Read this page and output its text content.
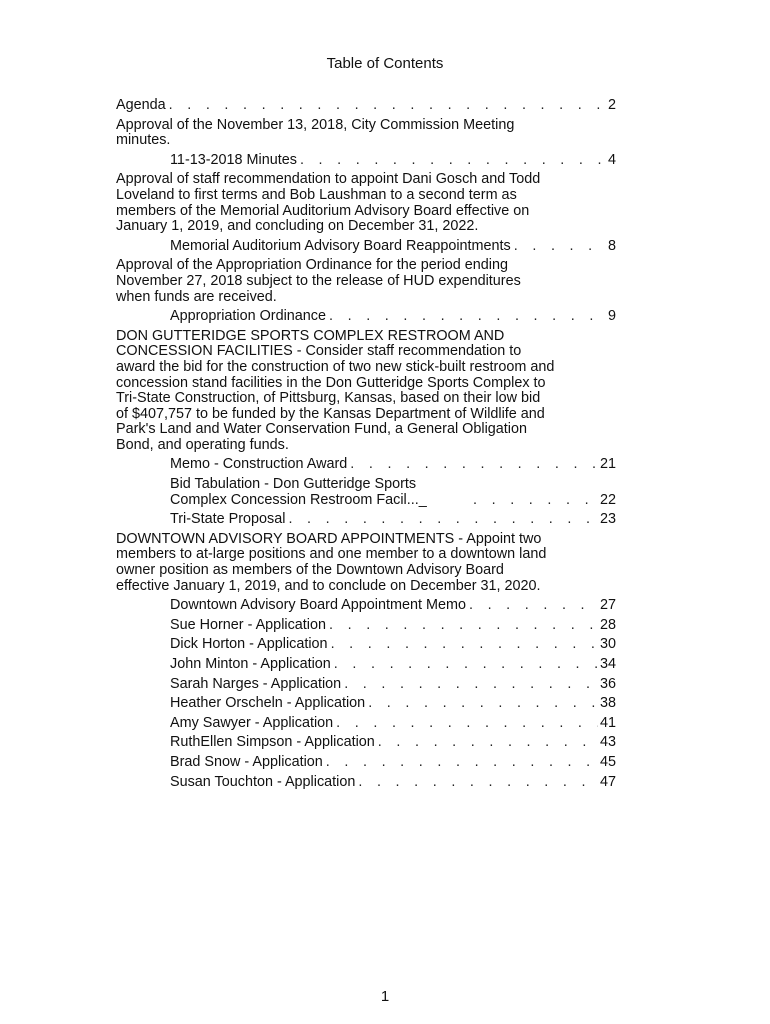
Table of Contents
Agenda . . .	2
Approval of the November 13, 2018, City Commission Meeting minutes.
11-13-2018 Minutes . . .	4
Approval of staff recommendation to appoint Dani Gosch and Todd Loveland to first terms and Bob Laushman to a second term as members of the Memorial Auditorium Advisory Board effective on January 1, 2019, and concluding on December 31, 2022.
Memorial Auditorium Advisory Board Reappointments . . .	8
Approval of the Appropriation Ordinance for the period ending November 27, 2018 subject to the release of HUD expenditures when funds are received.
Appropriation Ordinance . . .	9
DON GUTTERIDGE SPORTS COMPLEX RESTROOM AND CONCESSION FACILITIES - Consider staff recommendation to award the bid for the construction of two new stick-built restroom and concession stand facilities in the Don Gutteridge Sports Complex to Tri-State Construction, of Pittsburg, Kansas, based on their low bid of $407,757 to be funded by the Kansas Department of Wildlife and Park's Land and Water Conservation Fund, a General Obligation Bond, and operating funds.
Memo - Construction Award . . .	21
Bid Tabulation - Don Gutteridge Sports Complex Concession Restroom Facil..._ . . .	22
Tri-State Proposal . . .	23
DOWNTOWN ADVISORY BOARD APPOINTMENTS - Appoint two members to at-large positions and one member to a downtown land owner position as members of the Downtown Advisory Board effective January 1, 2019, and to conclude on December 31, 2020.
Downtown Advisory Board Appointment Memo . . .	27
Sue Horner - Application . . .	28
Dick Horton - Application . . .	30
John Minton - Application . . .	34
Sarah Narges - Application . . .	36
Heather Orscheln - Application . . .	38
Amy Sawyer - Application . . .	41
RuthEllen Simpson - Application . . .	43
Brad Snow - Application . . .	45
Susan Touchton - Application . . .	47
1
